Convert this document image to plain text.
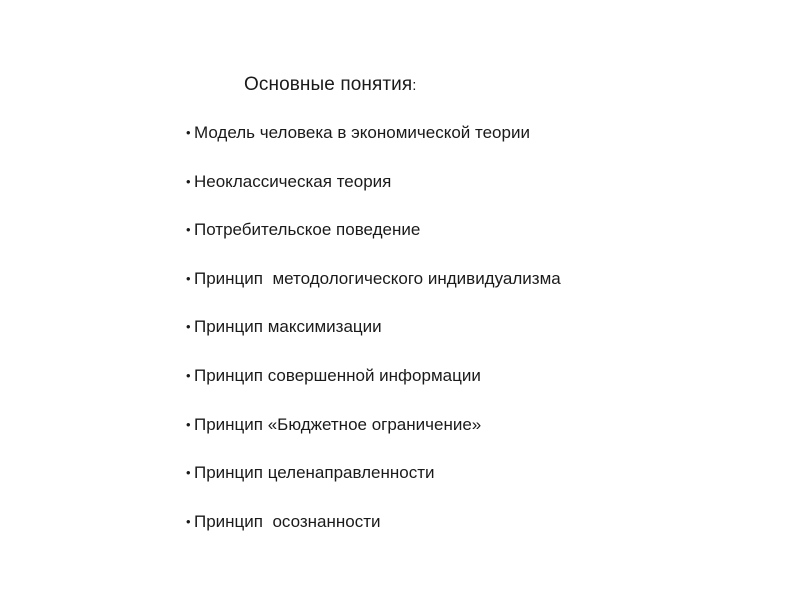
Основные понятия:
• Модель человека в экономической теории
• Неоклассическая теория
• Потребительское поведение
• Принцип  методологического индивидуализма
• Принцип максимизации
• Принцип совершенной информации
• Принцип «Бюджетное ограничение»
• Принцип целенаправленности
• Принцип  осознанности
